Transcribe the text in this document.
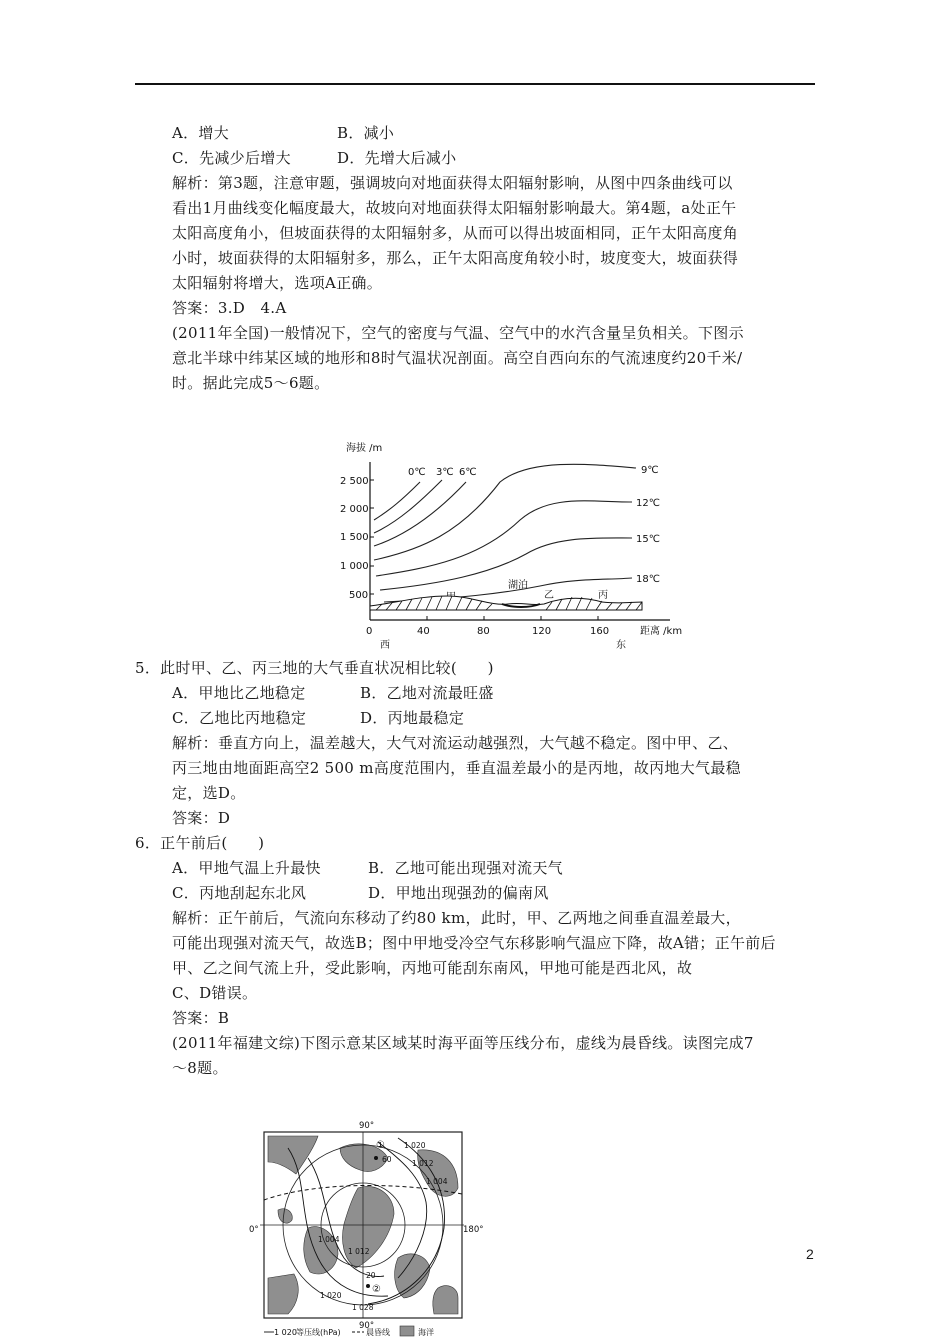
A．增大	B．减小
C．先减少后增大	D．先增大后减小
解析：第3题，注意审题，强调坡向对地面获得太阳辐射影响，从图中四条曲线可以
看出1月曲线变化幅度最大，故坡向对地面获得太阳辐射影响最大。第4题，a处正午
太阳高度角小，但坡面获得的太阳辐射多，从而可以得出坡面相同，正午太阳高度角
小时，坡面获得的太阳辐射多，那么，正午太阳高度角较小时，坡度变大，坡面获得
太阳辐射将增大，选项A正确。
答案：3.D　4.A
(2011年全国)一般情况下，空气的密度与气温、空气中的水汽含量呈负相关。下图示
意北半球中纬某区域的地形和8时气温状况剖面。高空自西向东的气流速度约20千米/
时。据此完成5～6题。
海拔 /m
2 500
2 000
1 500
1 000
500
0	40	80	120	160	距离 /km
西	东
0℃ 3℃ 6℃	9℃
12℃
15℃
18℃
湖泊
乙	丙
5．此时甲、乙、丙三地的大气垂直状况相比较(　　)
A．甲地比乙地稳定	B．乙地对流最旺盛
C．乙地比丙地稳定	D．丙地最稳定
解析：垂直方向上，温差越大，大气对流运动越强烈，大气越不稳定。图中甲、乙、
丙三地由地面距高空2 500 m高度范围内，垂直温差最小的是丙地，故丙地大气最稳
定，选D。
答案：D
6．正午前后(　　)
A．甲地气温上升最快	B．乙地可能出现强对流天气
C．丙地刮起东北风	D．甲地出现强劲的偏南风
解析：正午前后，气流向东移动了约80 km，此时，甲、乙两地之间垂直温差最大，
可能出现强对流天气，故选B；图中甲地受冷空气东移影响气温应下降，故A错；正午前后
甲、乙之间气流上升，受此影响，丙地可能刮东南风，甲地可能是西北风，故
C、D错误。
答案：B
(2011年福建文综)下图示意某区域某时海平面等压线分布，虚线为晨昏线。读图完成7
～8题。
90°
90°
0°	180°
1 020
1 012
1 004
60
1 004
1 012
20
1 020
1 028
①
②
1 020 等压线(hPa)	晨昏线	海洋
2
